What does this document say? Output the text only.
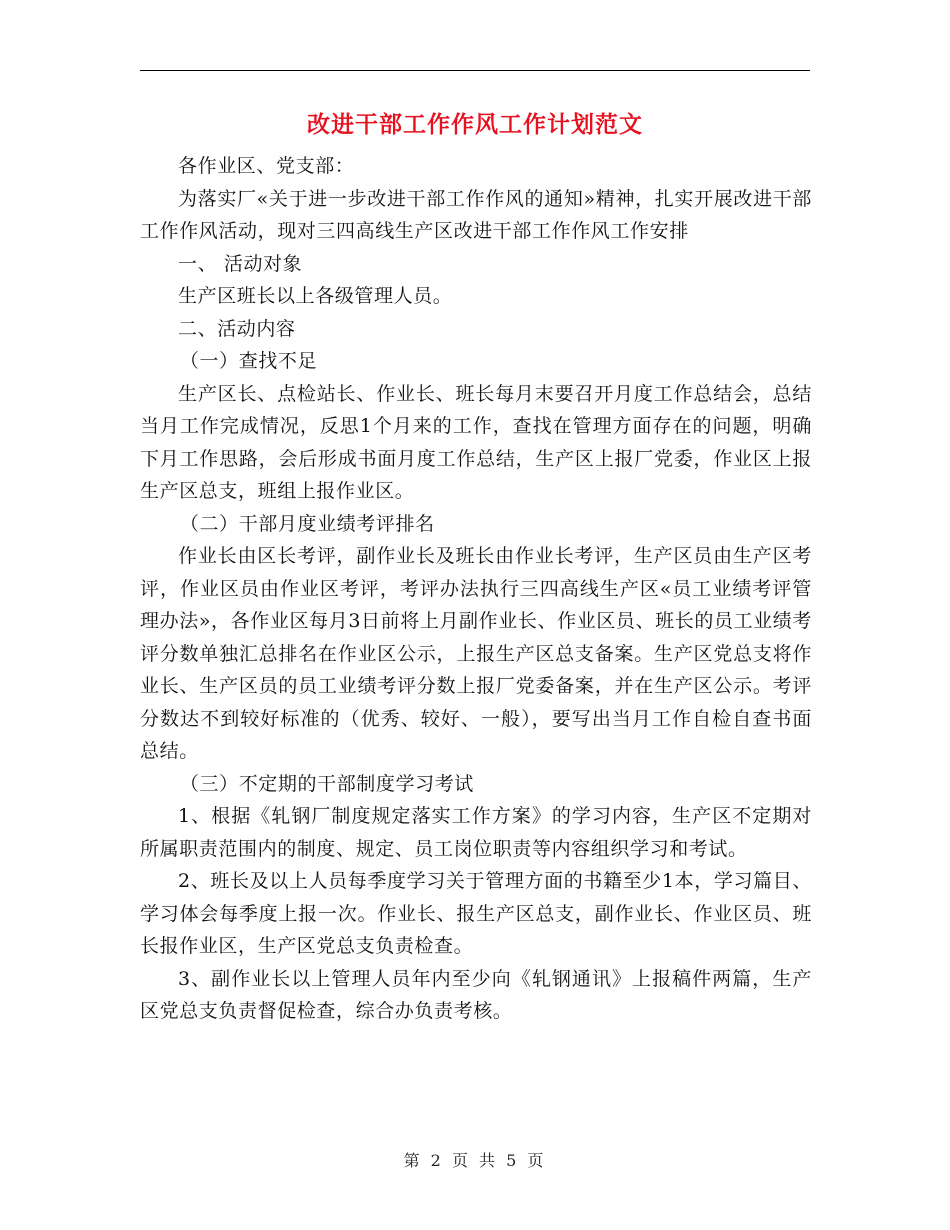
改进干部工作作风工作计划范文

各作业区、党支部：

为落实厂«关于进一步改进干部工作作风的通知»精神，扎实开展改进干部工作作风活动，现对三四高线生产区改进干部工作作风工作安排

一、 活动对象

生产区班长以上各级管理人员。

二、活动内容

（一）查找不足

生产区长、点检站长、作业长、班长每月末要召开月度工作总结会，总结当月工作完成情况，反思1个月来的工作，查找在管理方面存在的问题，明确下月工作思路，会后形成书面月度工作总结，生产区上报厂党委，作业区上报生产区总支，班组上报作业区。

（二）干部月度业绩考评排名

作业长由区长考评，副作业长及班长由作业长考评，生产区员由生产区考评，作业区员由作业区考评，考评办法执行三四高线生产区«员工业绩考评管理办法»，各作业区每月3日前将上月副作业长、作业区员、班长的员工业绩考评分数单独汇总排名在作业区公示，上报生产区总支备案。生产区党总支将作业长、生产区员的员工业绩考评分数上报厂党委备案，并在生产区公示。考评分数达不到较好标准的（优秀、较好、一般），要写出当月工作自检自查书面总结。

（三）不定期的干部制度学习考试

1、根据《轧钢厂制度规定落实工作方案》的学习内容，生产区不定期对所属职责范围内的制度、规定、员工岗位职责等内容组织学习和考试。

2、班长及以上人员每季度学习关于管理方面的书籍至少1本，学习篇目、学习体会每季度上报一次。作业长、报生产区总支，副作业长、作业区员、班长报作业区，生产区党总支负责检查。

3、副作业长以上管理人员年内至少向《轧钢通讯》上报稿件两篇，生产区党总支负责督促检查，综合办负责考核。

第 2 页 共 5 页
